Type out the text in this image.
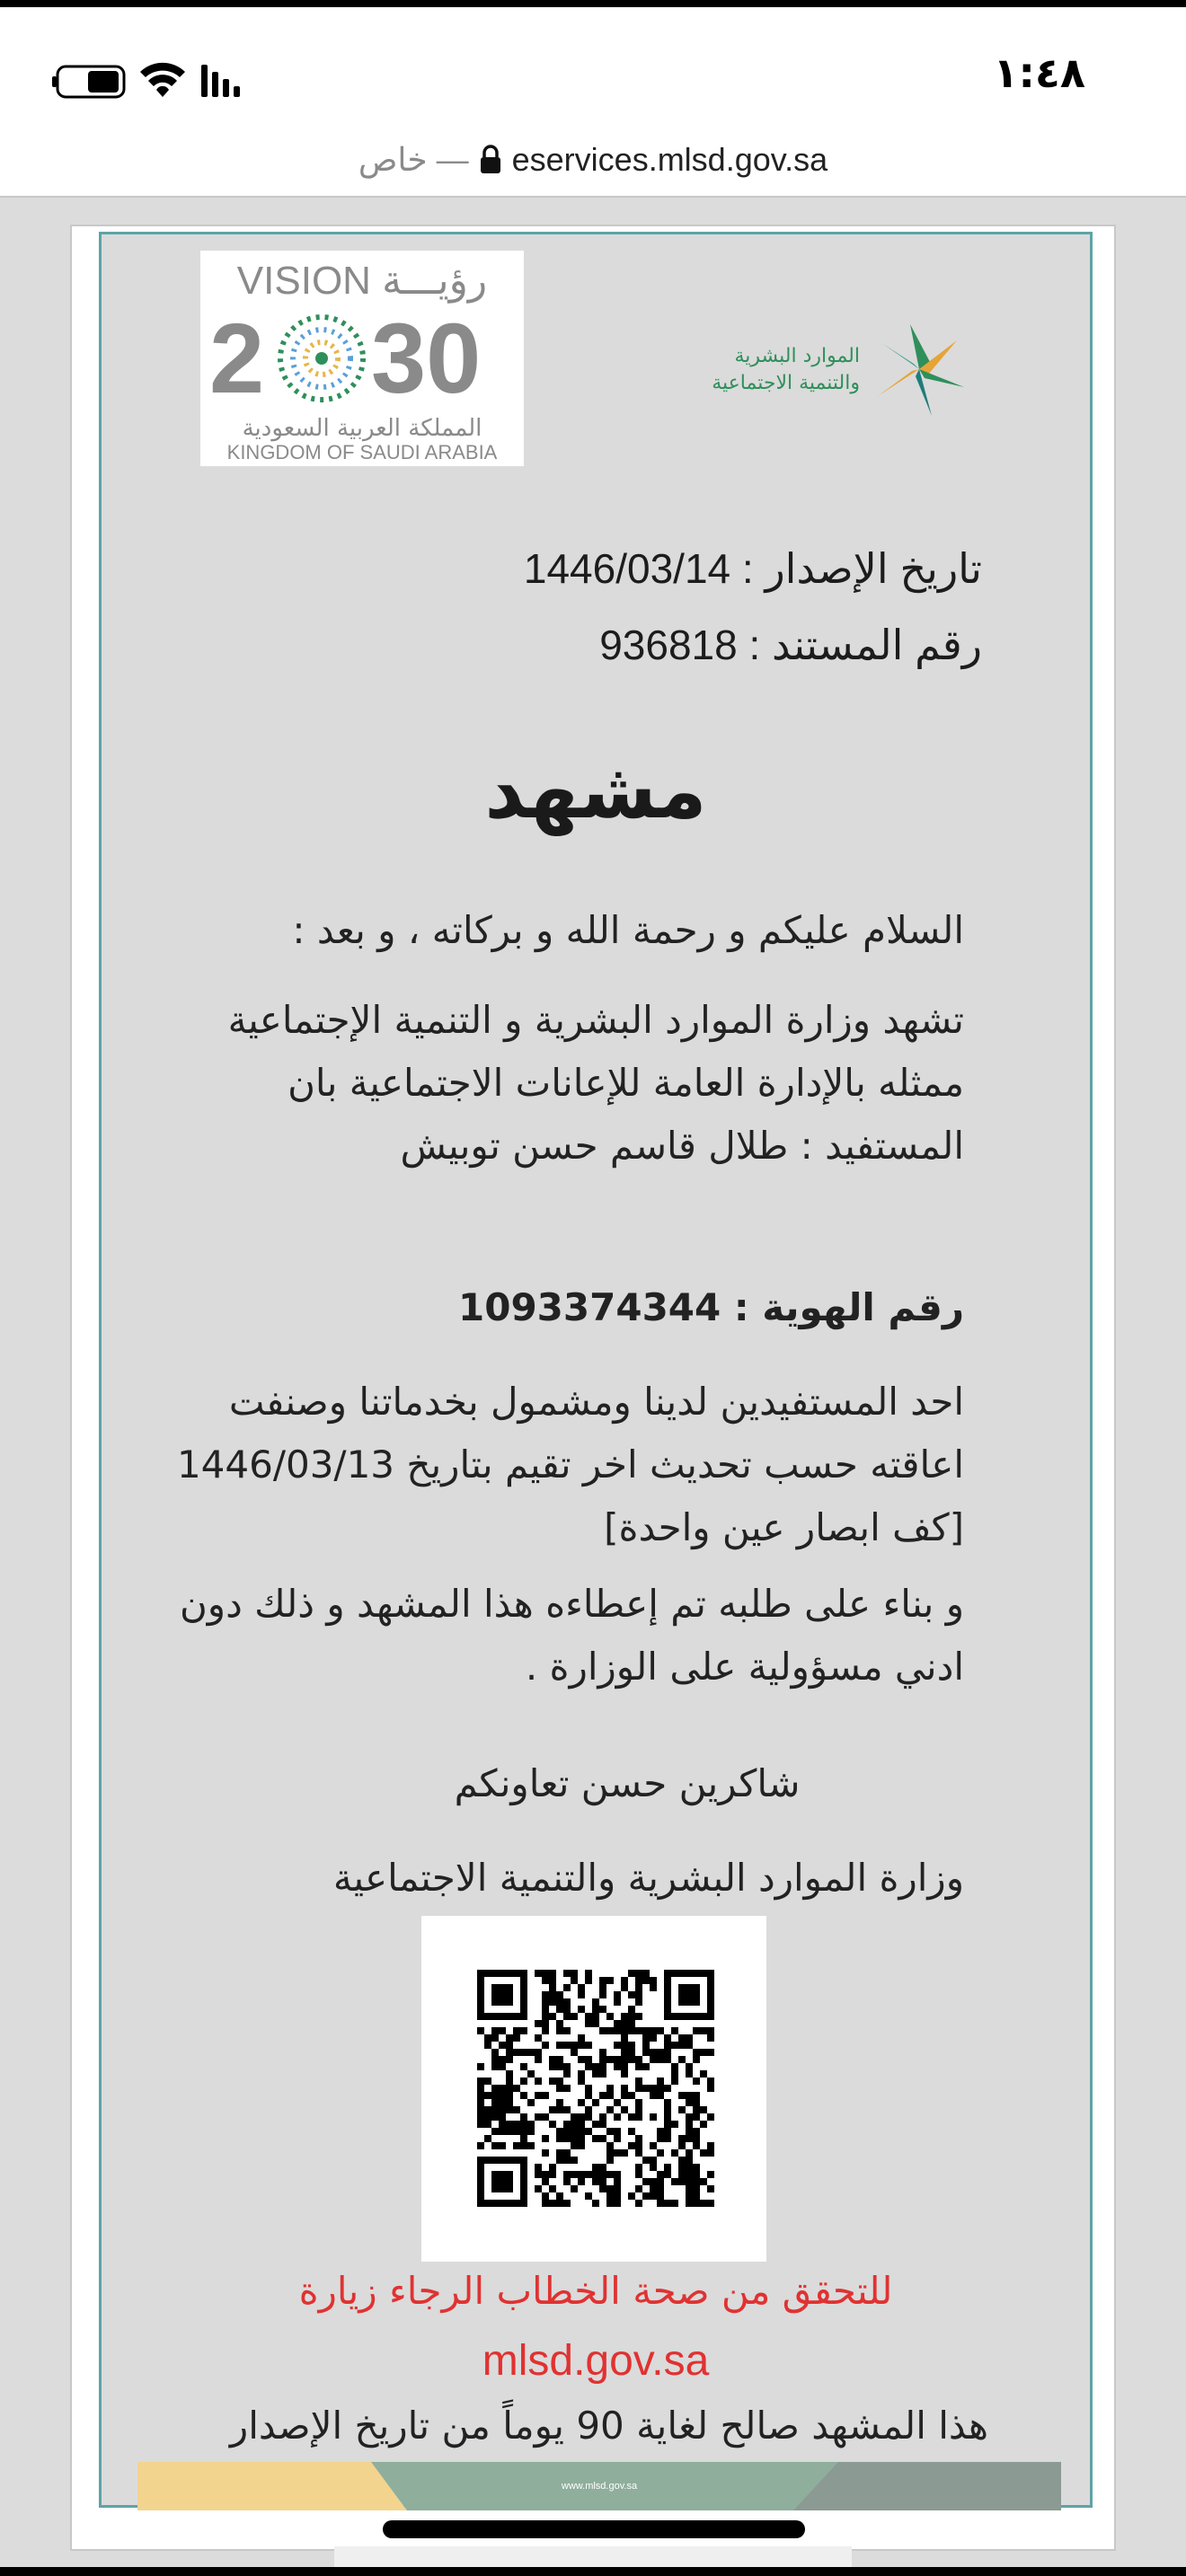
١:٤٨
خاص — eservices.mlsd.gov.sa
VISION رؤيـــة
2 30
المملكة العربية السعودية
KINGDOM OF SAUDI ARABIA
الموارد البشرية
والتنمية الاجتماعية
تاريخ الإصدار : 1446/03/14
رقم المستند : 936818
مشهد
السلام عليكم و رحمة الله و بركاته ، و بعد :
تشهد وزارة الموارد البشرية و التنمية الإجتماعية ممثله بالإدارة العامة للإعانات الاجتماعية بان المستفيد : طلال قاسم حسن توبيش
رقم الهوية : 1093374344
احد المستفيدين لدينا ومشمول بخدماتنا وصنفت اعاقته حسب تحديث اخر تقيم بتاريخ 1446/03/13 [كف ابصار عين واحدة]
و بناء على طلبه تم إعطاءه هذا المشهد و ذلك دون ادني مسؤولية على الوزارة .
شاكرين حسن تعاونكم
وزارة الموارد البشرية والتنمية الاجتماعية
للتحقق من صحة الخطاب الرجاء زيارة
mlsd.gov.sa
هذا المشهد صالح لغاية 90 يوماً من تاريخ الإصدار
www.mlsd.gov.sa
